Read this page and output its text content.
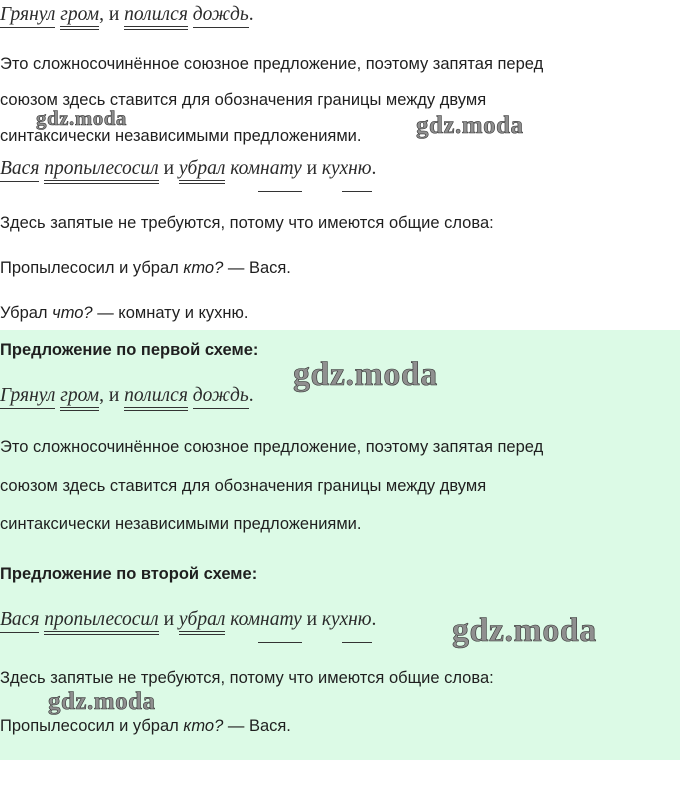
Грянул гром, и полился дождь.
Это сложносочинённое союзное предложение, поэтому запятая перед
союзом здесь ставится для обозначения границы между двумя
синтаксически независимыми предложениями.
Вася пропылесосил и убрал комнату и кухню.
Здесь запятые не требуются, потому что имеются общие слова:
Пропылесосил и убрал кто? — Вася.
Убрал что? — комнату и кухню.
Предложение по первой схеме:
Грянул гром, и полился дождь.
Это сложносочинённое союзное предложение, поэтому запятая перед
союзом здесь ставится для обозначения границы между двумя
синтаксически независимыми предложениями.
Предложение по второй схеме:
Вася пропылесосил и убрал комнату и кухню.
Здесь запятые не требуются, потому что имеются общие слова:
Пропылесосил и убрал кто? — Вася.
gdz.moda	gdz.moda
gdz.moda
gdz.moda
gdz.moda
